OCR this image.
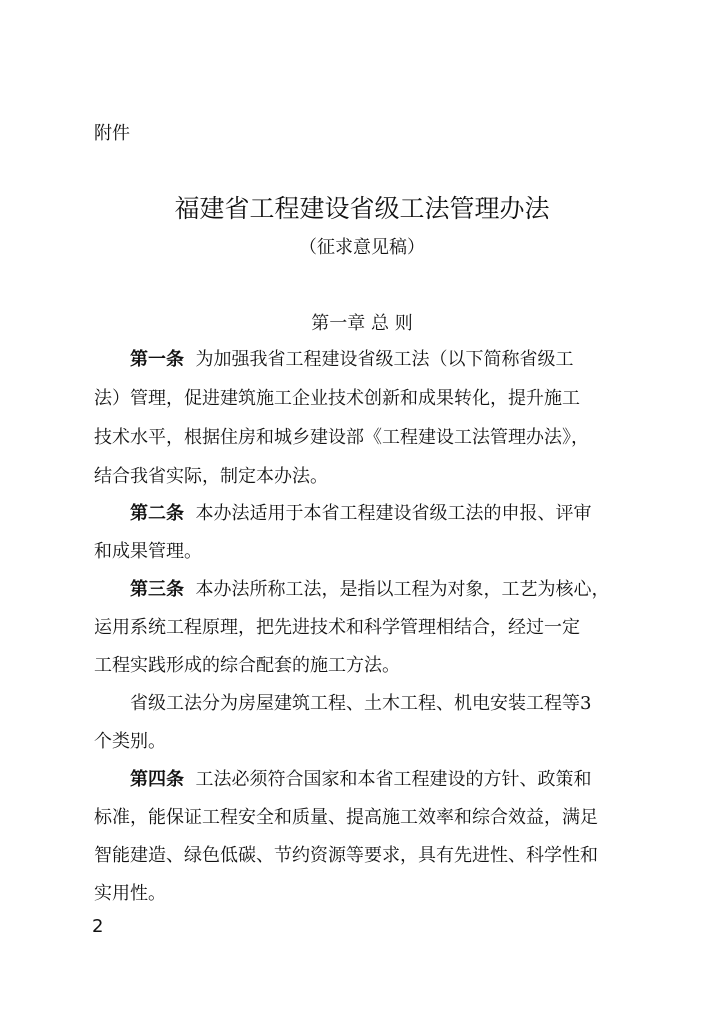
附件
福建省工程建设省级工法管理办法
（征求意见稿）
第一章 总 则
第一条 为加强我省工程建设省级工法（以下简称省级工
法）管理，促进建筑施工企业技术创新和成果转化，提升施工
技术水平，根据住房和城乡建设部《工程建设工法管理办法》，
结合我省实际，制定本办法。
第二条 本办法适用于本省工程建设省级工法的申报、评审
和成果管理。
第三条 本办法所称工法，是指以工程为对象，工艺为核心，
运用系统工程原理，把先进技术和科学管理相结合，经过一定
工程实践形成的综合配套的施工方法。
省级工法分为房屋建筑工程、土木工程、机电安装工程等3
个类别。
第四条 工法必须符合国家和本省工程建设的方针、政策和
标准，能保证工程安全和质量、提高施工效率和综合效益，满足
智能建造、绿色低碳、节约资源等要求，具有先进性、科学性和
实用性。
2
